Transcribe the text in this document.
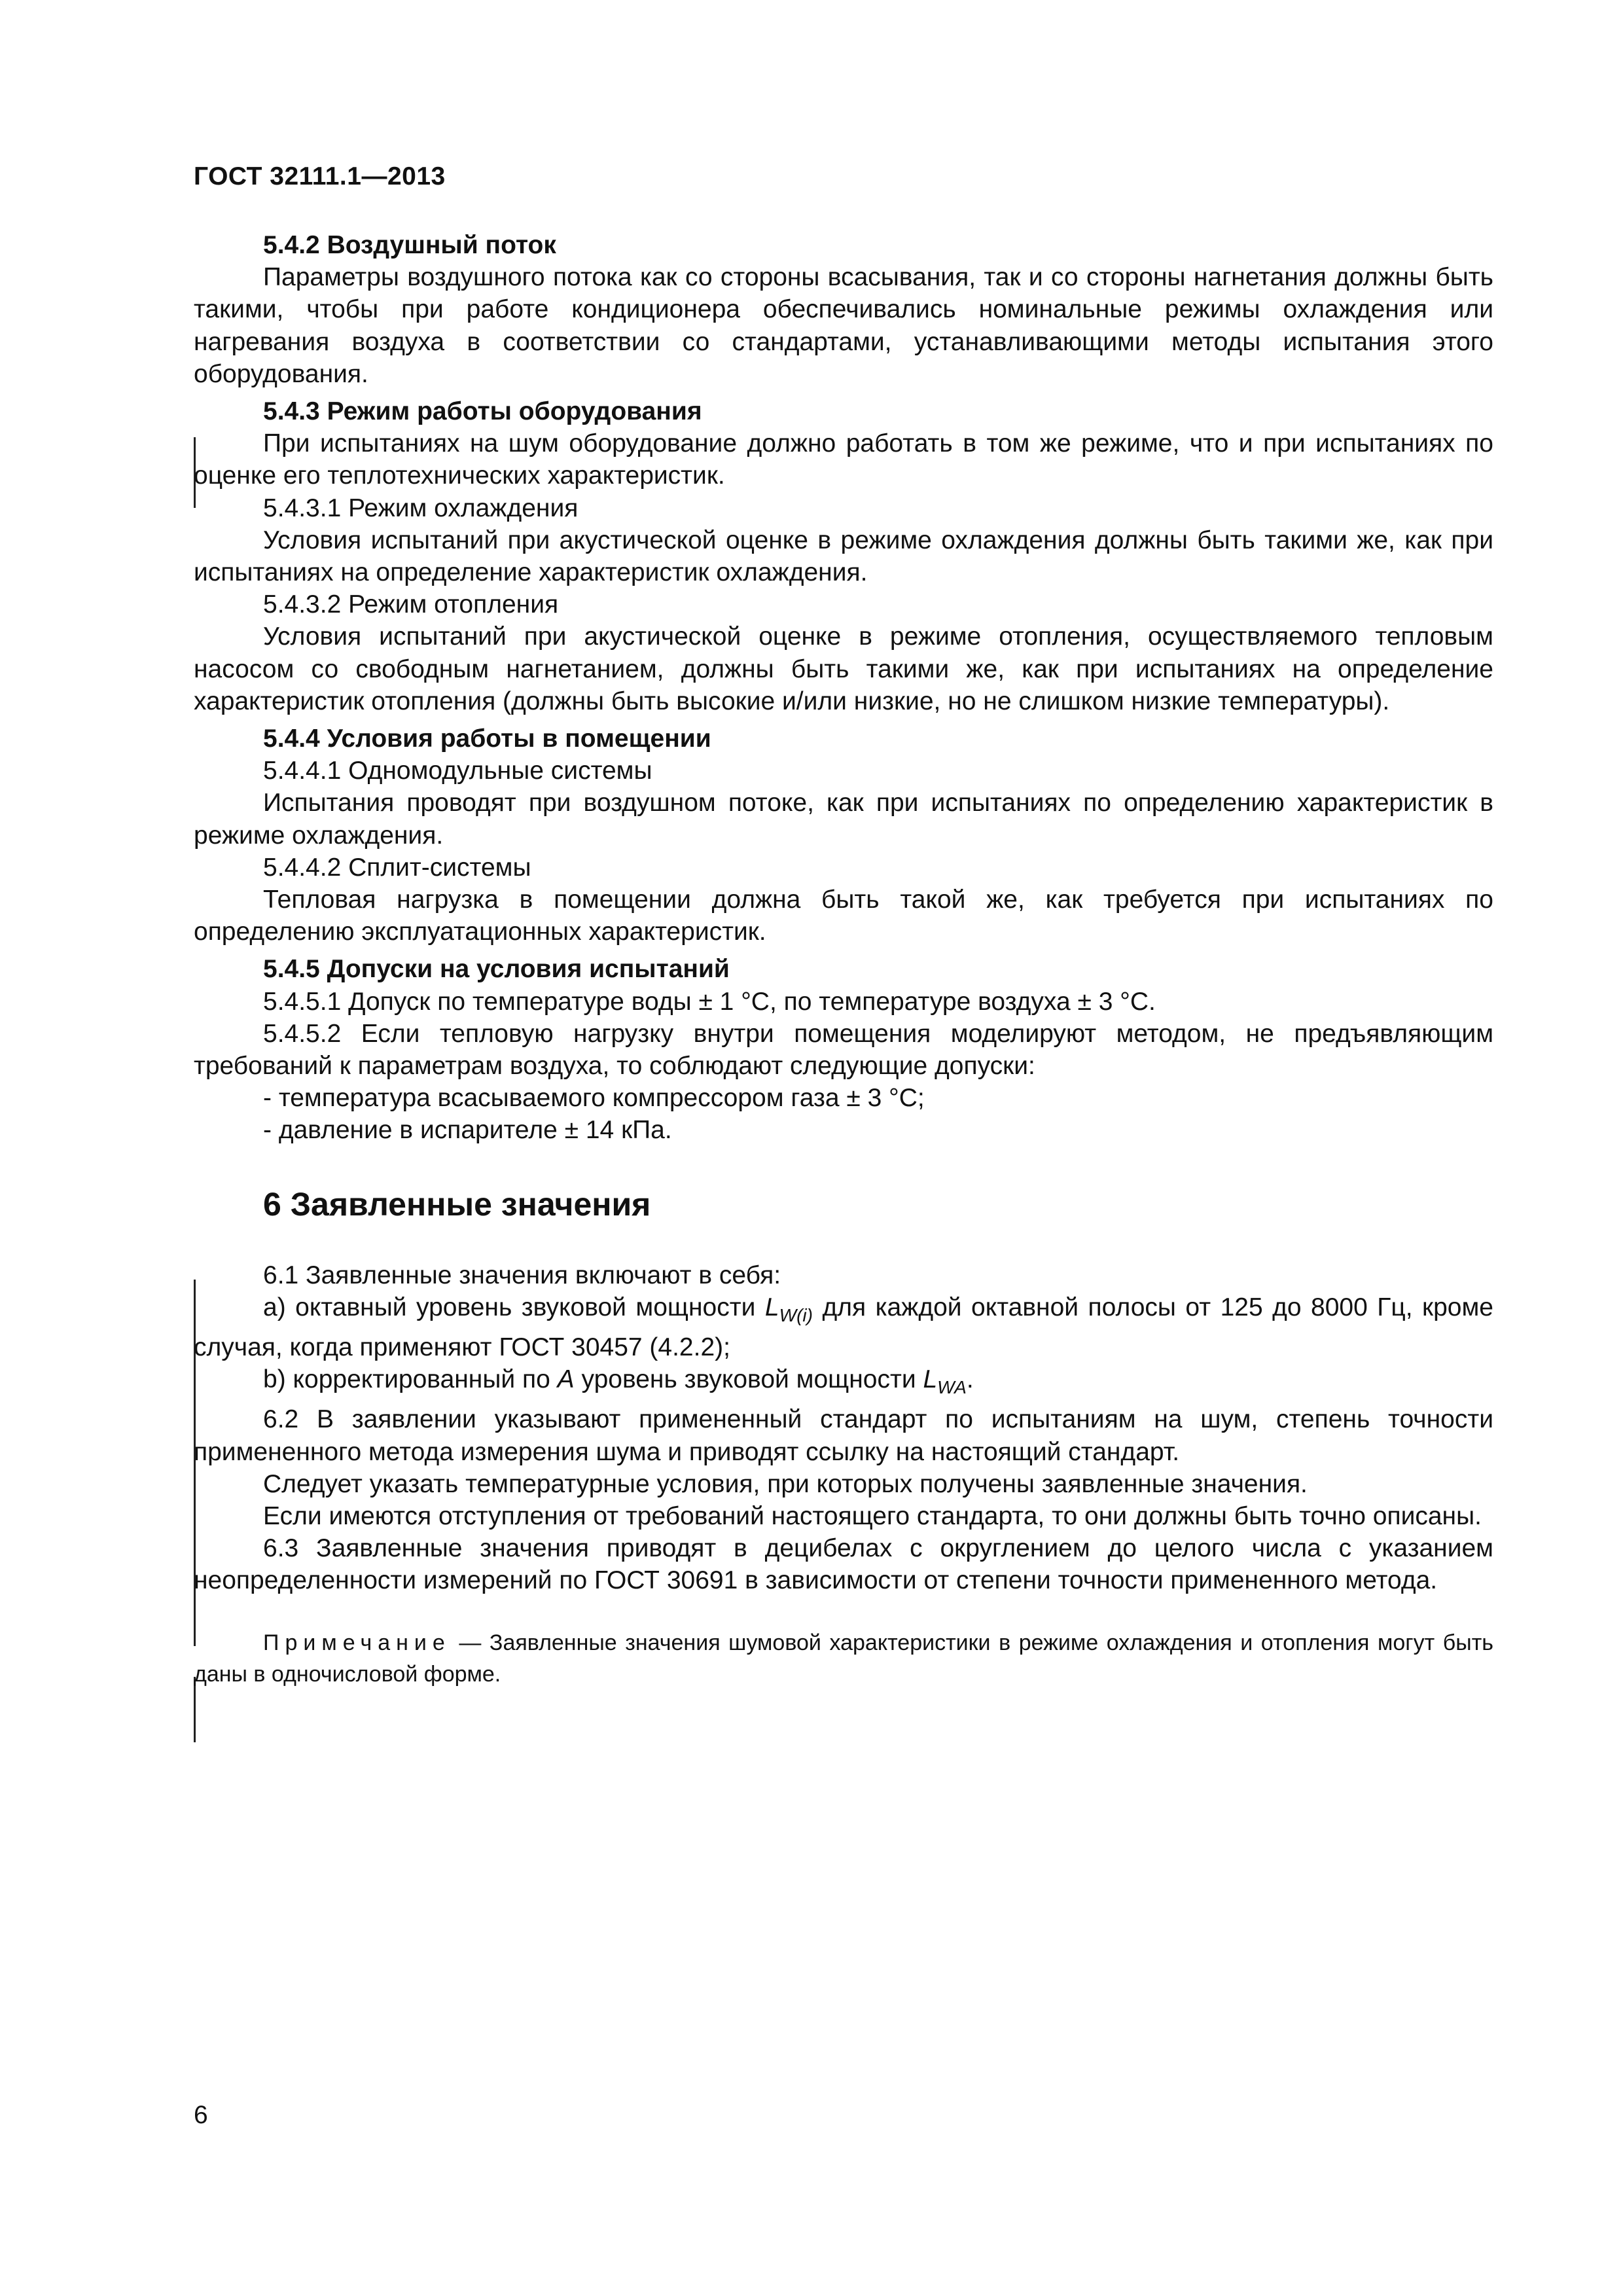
ГОСТ 32111.1—2013

5.4.2 Воздушный поток

Параметры воздушного потока как со стороны всасывания, так и со стороны нагнетания должны быть такими, чтобы при работе кондиционера обеспечивались номинальные режимы охлаждения или нагревания воздуха в соответствии со стандартами, устанавливающими методы испытания этого оборудования.

5.4.3 Режим работы оборудования

При испытаниях на шум оборудование должно работать в том же режиме, что и при испытаниях по оценке его теплотехнических характеристик.

5.4.3.1 Режим охлаждения

Условия испытаний при акустической оценке в режиме охлаждения должны быть такими же, как при испытаниях на определение характеристик охлаждения.

5.4.3.2 Режим отопления

Условия испытаний при акустической оценке в режиме отопления, осуществляемого тепловым насосом со свободным нагнетанием, должны быть такими же, как при испытаниях на определение характеристик отопления (должны быть высокие и/или низкие, но не слишком низкие температуры).

5.4.4 Условия работы в помещении

5.4.4.1 Одномодульные системы

Испытания проводят при воздушном потоке, как при испытаниях по определению характеристик в режиме охлаждения.

5.4.4.2 Сплит-системы

Тепловая нагрузка в помещении должна быть такой же, как требуется при испытаниях по определению эксплуатационных характеристик.

5.4.5 Допуски на условия испытаний

5.4.5.1 Допуск по температуре воды ± 1 °С, по температуре воздуха ± 3 °С.

5.4.5.2 Если тепловую нагрузку внутри помещения моделируют методом, не предъявляющим требований к параметрам воздуха, то соблюдают следующие допуски:

- температура всасываемого компрессором газа ± 3 °С;

- давление в испарителе ± 14 кПа.

6 Заявленные значения

6.1 Заявленные значения включают в себя:

а) октавный уровень звуковой мощности $L_{W(i)}$ для каждой октавной полосы от 125 до 8000 Гц, кроме случая, когда применяют ГОСТ 30457 (4.2.2);

b) корректированный по A уровень звуковой мощности $L_{WA}$.

6.2 В заявлении указывают примененный стандарт по испытаниям на шум, степень точности примененного метода измерения шума и приводят ссылку на настоящий стандарт.

Следует указать температурные условия, при которых получены заявленные значения.

Если имеются отступления от требований настоящего стандарта, то они должны быть точно описаны.

6.3 Заявленные значения приводят в децибелах с округлением до целого числа с указанием неопределенности измерений по ГОСТ 30691 в зависимости от степени точности примененного метода.

Примечание — Заявленные значения шумовой характеристики в режиме охлаждения и отопления могут быть даны в одночисловой форме.

6
